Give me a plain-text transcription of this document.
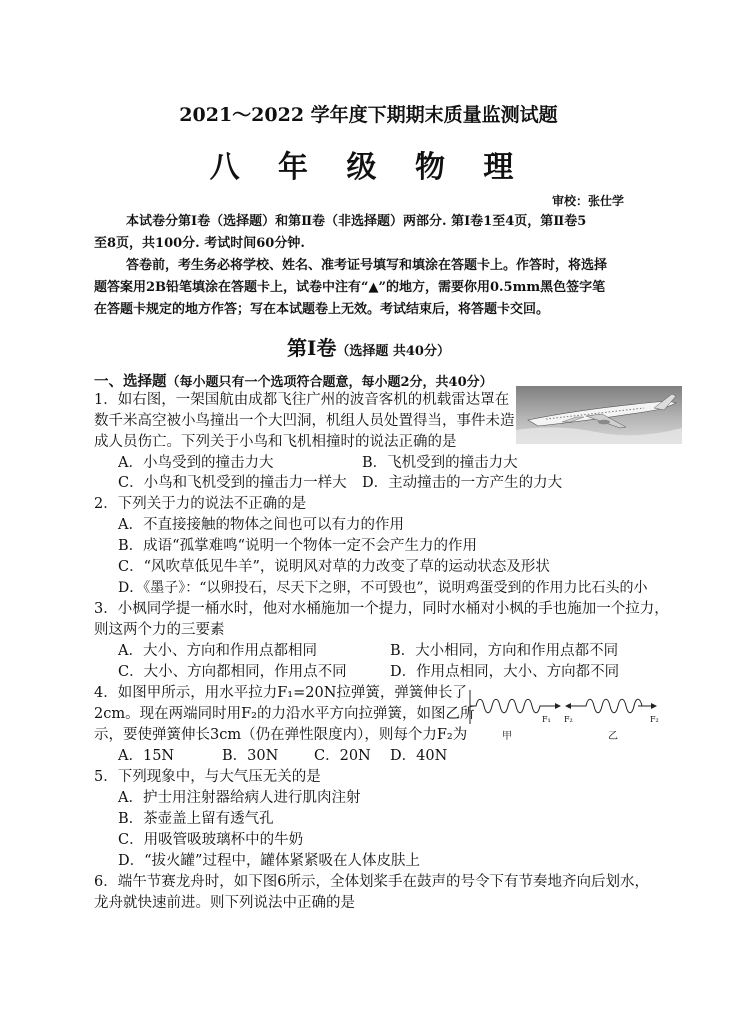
2021～2022 学年度下期期末质量监测试题
八 年 级 物 理
审校：张仕学
本试卷分第Ⅰ卷（选择题）和第Ⅱ卷（非选择题）两部分. 第Ⅰ卷1至4页，第Ⅱ卷5
至8页，共100分. 考试时间60分钟.
答卷前，考生务必将学校、姓名、准考证号填写和填涂在答题卡上。作答时，将选择
题答案用2B铅笔填涂在答题卡上，试卷中注有“▲”的地方，需要你用0.5mm黑色签字笔
在答题卡规定的地方作答；写在本试题卷上无效。考试结束后，将答题卡交回。
第Ⅰ卷（选择题 共40分）
一、选择题（每小题只有一个选项符合题意，每小题2分，共40分）
1．如右图，一架国航由成都飞往广州的波音客机的机载雷达罩在
数千米高空被小鸟撞出一个大凹洞，机组人员处置得当，事件未造
成人员伤亡。下列关于小鸟和飞机相撞时的说法正确的是
A．小鸟受到的撞击力大	B．飞机受到的撞击力大
C．小鸟和飞机受到的撞击力一样大 D．主动撞击的一方产生的力大
2．下列关于力的说法不正确的是
A．不直接接触的物体之间也可以有力的作用
B．成语“孤掌难鸣“说明一个物体一定不会产生力的作用
C．“风吹草低见牛羊”，说明风对草的力改变了草的运动状态及形状
D．《墨子》：“以卵投石，尽天下之卵，不可毁也”，说明鸡蛋受到的作用力比石头的小
3．小枫同学提一桶水时，他对水桶施加一个提力，同时水桶对小枫的手也施加一个拉力，
则这两个力的三要素
A．大小、方向和作用点都相同	B．大小相同，方向和作用点都不同
C．大小、方向都相同，作用点不同	D．作用点相同，大小、方向都不同
4．如图甲所示，用水平拉力F₁=20N拉弹簧，弹簧伸长了
2cm。现在两端同时用F₂的力沿水平方向拉弹簧，如图乙所
示，要使弹簧伸长3cm（仍在弹性限度内），则每个力F₂为
A．15N	B．30N C．20N D．40N
F₁ F₂	F₂
甲	乙
5．下列现象中，与大气压无关的是
A．护士用注射器给病人进行肌肉注射
B．茶壶盖上留有透气孔
C．用吸管吸玻璃杯中的牛奶
D．“拔火罐”过程中，罐体紧紧吸在人体皮肤上
6．端午节赛龙舟时，如下图6所示，全体划桨手在鼓声的号令下有节奏地齐向后划水，
龙舟就快速前进。则下列说法中正确的是
